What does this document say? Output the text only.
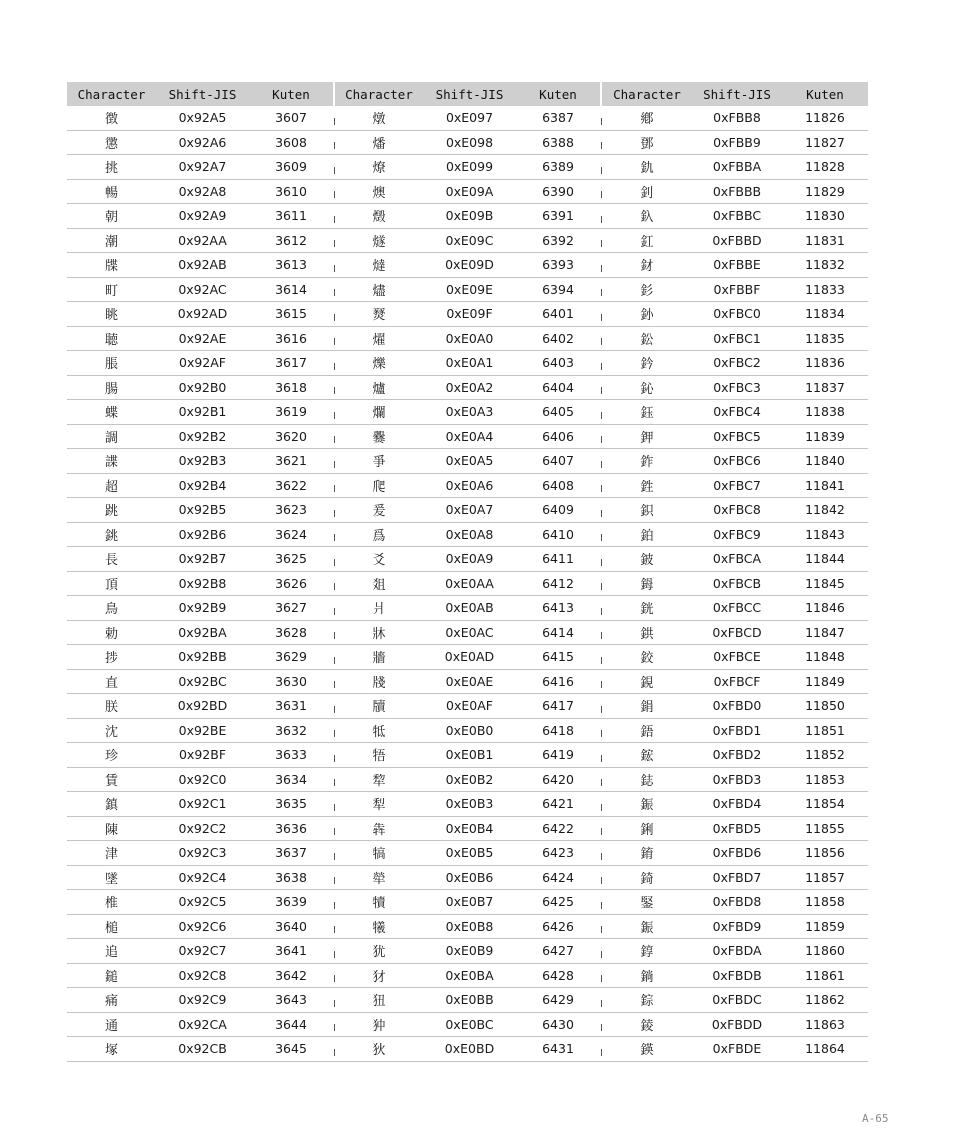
Character	Shift-JIS	Kuten		Character	Shift-JIS	Kuten		Character	Shift-JIS	Kuten
徴	0x92A5	3607		燉	0xE097	6387		鄕	0xFBB8	11826
懲	0x92A6	3608		燔	0xE098	6388		鄧	0xFBB9	11827
挑	0x92A7	3609		燎	0xE099	6389		釚	0xFBBA	11828
暢	0x92A8	3610		燠	0xE09A	6390		釗	0xFBBB	11829
朝	0x92A9	3611		燬	0xE09B	6391		釞	0xFBBC	11830
潮	0x92AA	3612		燧	0xE09C	6392		釭	0xFBBD	11831
牒	0x92AB	3613		燵	0xE09D	6393		釮	0xFBBE	11832
町	0x92AC	3614		燼	0xE09E	6394		釤	0xFBBF	11833
眺	0x92AD	3615		燹	0xE09F	6401		釥	0xFBC0	11834
聴	0x92AE	3616		燿	0xE0A0	6402		鈆	0xFBC1	11835
脹	0x92AF	3617		爍	0xE0A1	6403		鈐	0xFBC2	11836
腸	0x92B0	3618		爐	0xE0A2	6404		鈊	0xFBC3	11837
蝶	0x92B1	3619		爛	0xE0A3	6405		鈺	0xFBC4	11838
調	0x92B2	3620		爨	0xE0A4	6406		鉀	0xFBC5	11839
諜	0x92B3	3621		爭	0xE0A5	6407		鈼	0xFBC6	11840
超	0x92B4	3622		爬	0xE0A6	6408		鉎	0xFBC7	11841
跳	0x92B5	3623		爰	0xE0A7	6409		鉙	0xFBC8	11842
銚	0x92B6	3624		爲	0xE0A8	6410		鉑	0xFBC9	11843
長	0x92B7	3625		爻	0xE0A9	6411		鈹	0xFBCA	11844
頂	0x92B8	3626		爼	0xE0AA	6412		鉧	0xFBCB	11845
鳥	0x92B9	3627		爿	0xE0AB	6413		銧	0xFBCC	11846
勅	0x92BA	3628		牀	0xE0AC	6414		鉷	0xFBCD	11847
捗	0x92BB	3629		牆	0xE0AD	6415		鉸	0xFBCE	11848
直	0x92BC	3630		牋	0xE0AE	6416		鋧	0xFBCF	11849
朕	0x92BD	3631		牘	0xE0AF	6417		鋗	0xFBD0	11850
沈	0x92BE	3632		牴	0xE0B0	6418		鋙	0xFBD1	11851
珍	0x92BF	3633		牾	0xE0B1	6419		鋐	0xFBD2	11852
賃	0x92C0	3634		犂	0xE0B2	6420		鋕	0xFBD3	11853
鎮	0x92C1	3635		犁	0xE0B3	6421		鋠	0xFBD4	11854
陳	0x92C2	3636		犇	0xE0B4	6422		鋓	0xFBD5	11855
津	0x92C3	3637		犒	0xE0B5	6423		錥	0xFBD6	11856
墜	0x92C4	3638		犖	0xE0B6	6424		錡	0xFBD7	11857
椎	0x92C5	3639		犢	0xE0B7	6425		鋻	0xFBD8	11858
槌	0x92C6	3640		犧	0xE0B8	6426		鋠	0xFBD9	11859
追	0x92C7	3641		犹	0xE0B9	6427		錞	0xFBDA	11860
鎚	0x92C8	3642		犲	0xE0BA	6428		鋿	0xFBDB	11861
痛	0x92C9	3643		狃	0xE0BB	6429		錝	0xFBDC	11862
通	0x92CA	3644		狆	0xE0BC	6430		錂	0xFBDD	11863
塚	0x92CB	3645		狄	0xE0BD	6431		鍈	0xFBDE	11864
A-65
